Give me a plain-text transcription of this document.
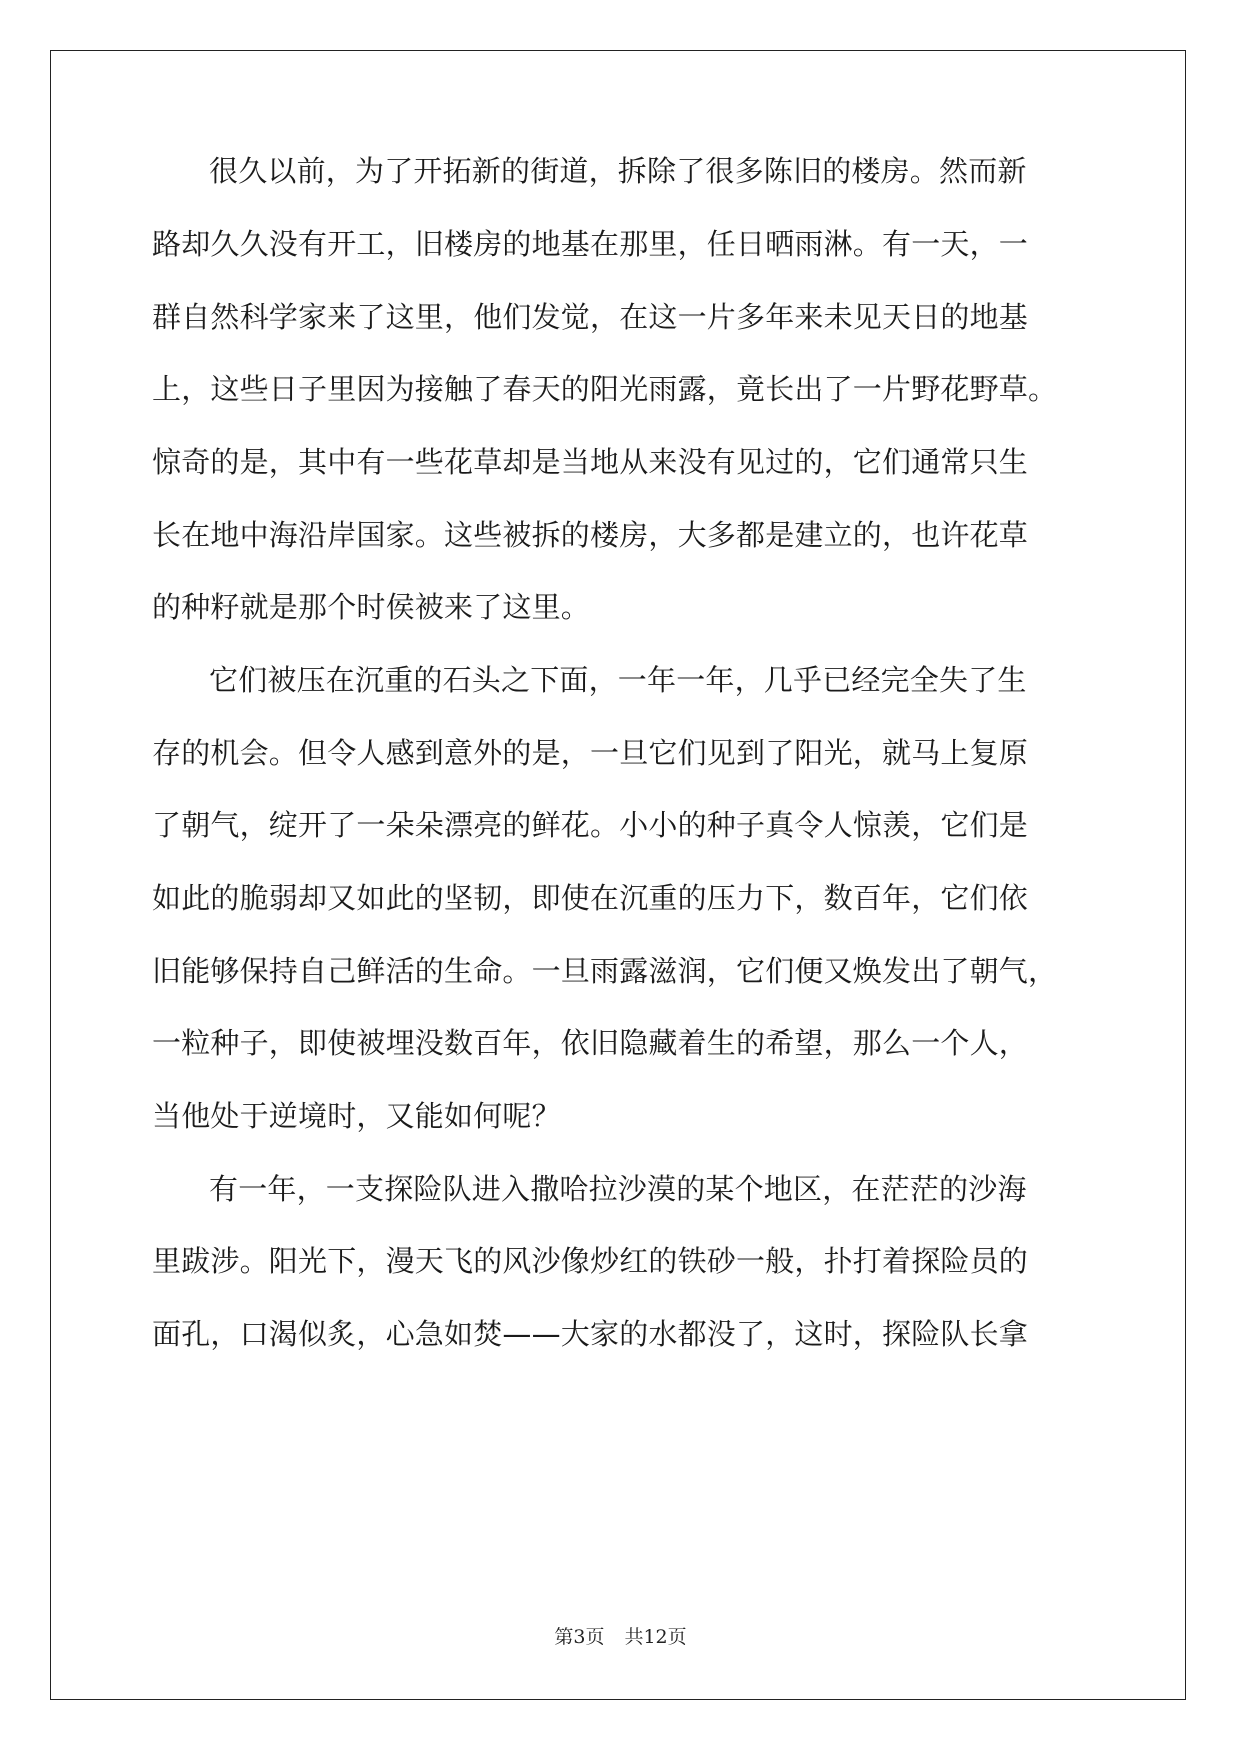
很久以前，为了开拓新的街道，拆除了很多陈旧的楼房。然而新
路却久久没有开工，旧楼房的地基在那里，任日晒雨淋。有一天，一
群自然科学家来了这里，他们发觉，在这一片多年来未见天日的地基
上，这些日子里因为接触了春天的阳光雨露，竟长出了一片野花野草。
惊奇的是，其中有一些花草却是当地从来没有见过的，它们通常只生
长在地中海沿岸国家。这些被拆的楼房，大多都是建立的，也许花草
的种籽就是那个时侯被来了这里。
它们被压在沉重的石头之下面，一年一年，几乎已经完全失了生
存的机会。但令人感到意外的是，一旦它们见到了阳光，就马上复原
了朝气，绽开了一朵朵漂亮的鲜花。小小的种子真令人惊羡，它们是
如此的脆弱却又如此的坚韧，即使在沉重的压力下，数百年，它们依
旧能够保持自己鲜活的生命。一旦雨露滋润，它们便又焕发出了朝气，
一粒种子，即使被埋没数百年，依旧隐藏着生的希望，那么一个人，
当他处于逆境时，又能如何呢？
有一年，一支探险队进入撒哈拉沙漠的某个地区，在茫茫的沙海
里跋涉。阳光下，漫天飞的风沙像炒红的铁砂一般，扑打着探险员的
面孔，口渴似炙，心急如焚——大家的水都没了，这时，探险队长拿
第3页 共12页
